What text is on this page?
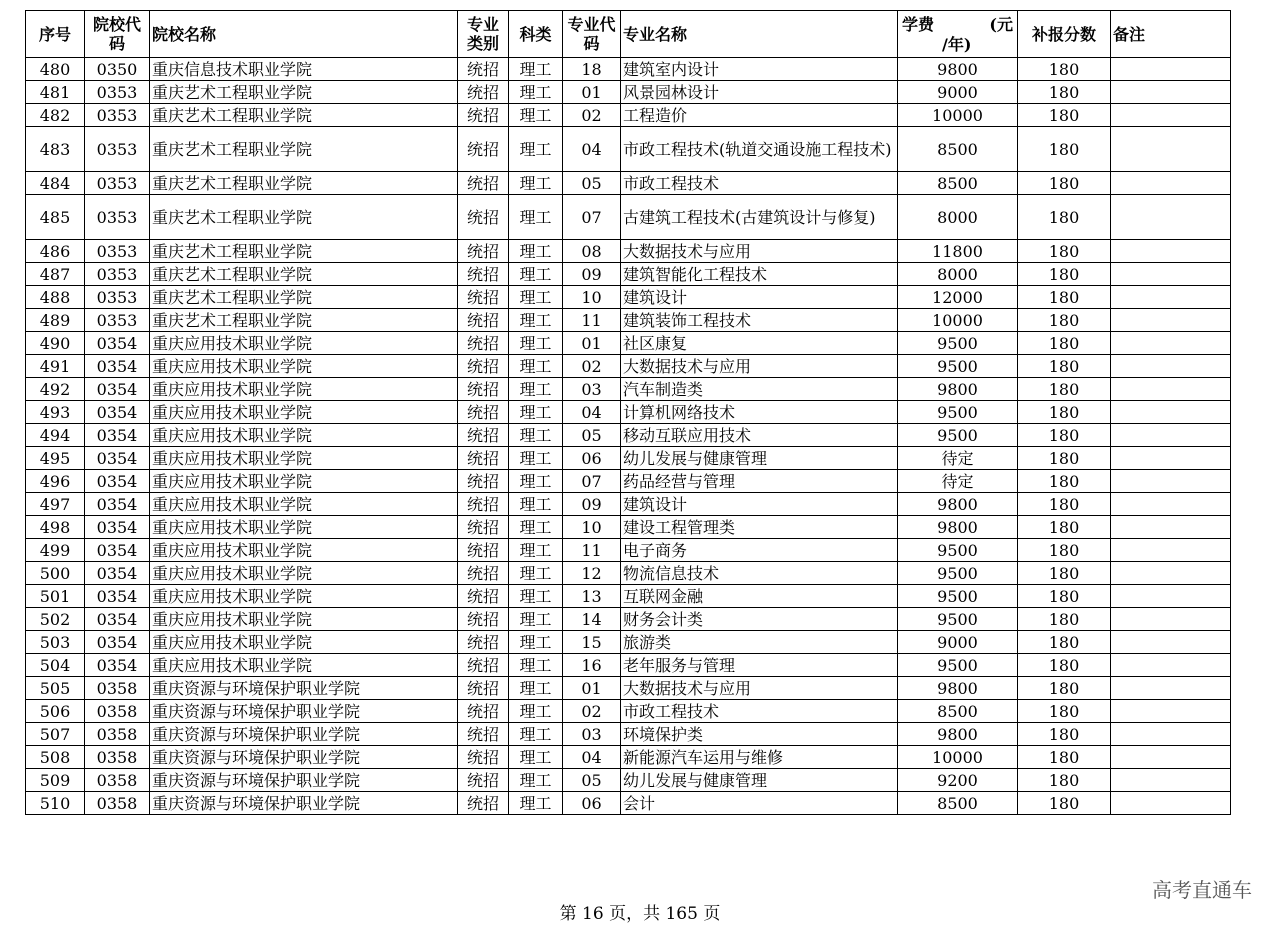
序号	院校代码	院校名称	专业类别	科类	专业代码	专业名称	学费 (元
/年)	补报分数	备注
480	0350	重庆信息技术职业学院	统招	理工	18	建筑室内设计	9800	180	
481	0353	重庆艺术工程职业学院	统招	理工	01	风景园林设计	9000	180	
482	0353	重庆艺术工程职业学院	统招	理工	02	工程造价	10000	180	
483	0353	重庆艺术工程职业学院	统招	理工	04	市政工程技术(轨道交通设施工程技术)	8500	180	
484	0353	重庆艺术工程职业学院	统招	理工	05	市政工程技术	8500	180	
485	0353	重庆艺术工程职业学院	统招	理工	07	古建筑工程技术(古建筑设计与修复)	8000	180	
486	0353	重庆艺术工程职业学院	统招	理工	08	大数据技术与应用	11800	180	
487	0353	重庆艺术工程职业学院	统招	理工	09	建筑智能化工程技术	8000	180	
488	0353	重庆艺术工程职业学院	统招	理工	10	建筑设计	12000	180	
489	0353	重庆艺术工程职业学院	统招	理工	11	建筑装饰工程技术	10000	180	
490	0354	重庆应用技术职业学院	统招	理工	01	社区康复	9500	180	
491	0354	重庆应用技术职业学院	统招	理工	02	大数据技术与应用	9500	180	
492	0354	重庆应用技术职业学院	统招	理工	03	汽车制造类	9800	180	
493	0354	重庆应用技术职业学院	统招	理工	04	计算机网络技术	9500	180	
494	0354	重庆应用技术职业学院	统招	理工	05	移动互联应用技术	9500	180	
495	0354	重庆应用技术职业学院	统招	理工	06	幼儿发展与健康管理	待定	180	
496	0354	重庆应用技术职业学院	统招	理工	07	药品经营与管理	待定	180	
497	0354	重庆应用技术职业学院	统招	理工	09	建筑设计	9800	180	
498	0354	重庆应用技术职业学院	统招	理工	10	建设工程管理类	9800	180	
499	0354	重庆应用技术职业学院	统招	理工	11	电子商务	9500	180	
500	0354	重庆应用技术职业学院	统招	理工	12	物流信息技术	9500	180	
501	0354	重庆应用技术职业学院	统招	理工	13	互联网金融	9500	180	
502	0354	重庆应用技术职业学院	统招	理工	14	财务会计类	9500	180	
503	0354	重庆应用技术职业学院	统招	理工	15	旅游类	9000	180	
504	0354	重庆应用技术职业学院	统招	理工	16	老年服务与管理	9500	180	
505	0358	重庆资源与环境保护职业学院	统招	理工	01	大数据技术与应用	9800	180	
506	0358	重庆资源与环境保护职业学院	统招	理工	02	市政工程技术	8500	180	
507	0358	重庆资源与环境保护职业学院	统招	理工	03	环境保护类	9800	180	
508	0358	重庆资源与环境保护职业学院	统招	理工	04	新能源汽车运用与维修	10000	180	
509	0358	重庆资源与环境保护职业学院	统招	理工	05	幼儿发展与健康管理	9200	180	
510	0358	重庆资源与环境保护职业学院	统招	理工	06	会计	8500	180	
第 16 页，共 165 页
高考直通车
